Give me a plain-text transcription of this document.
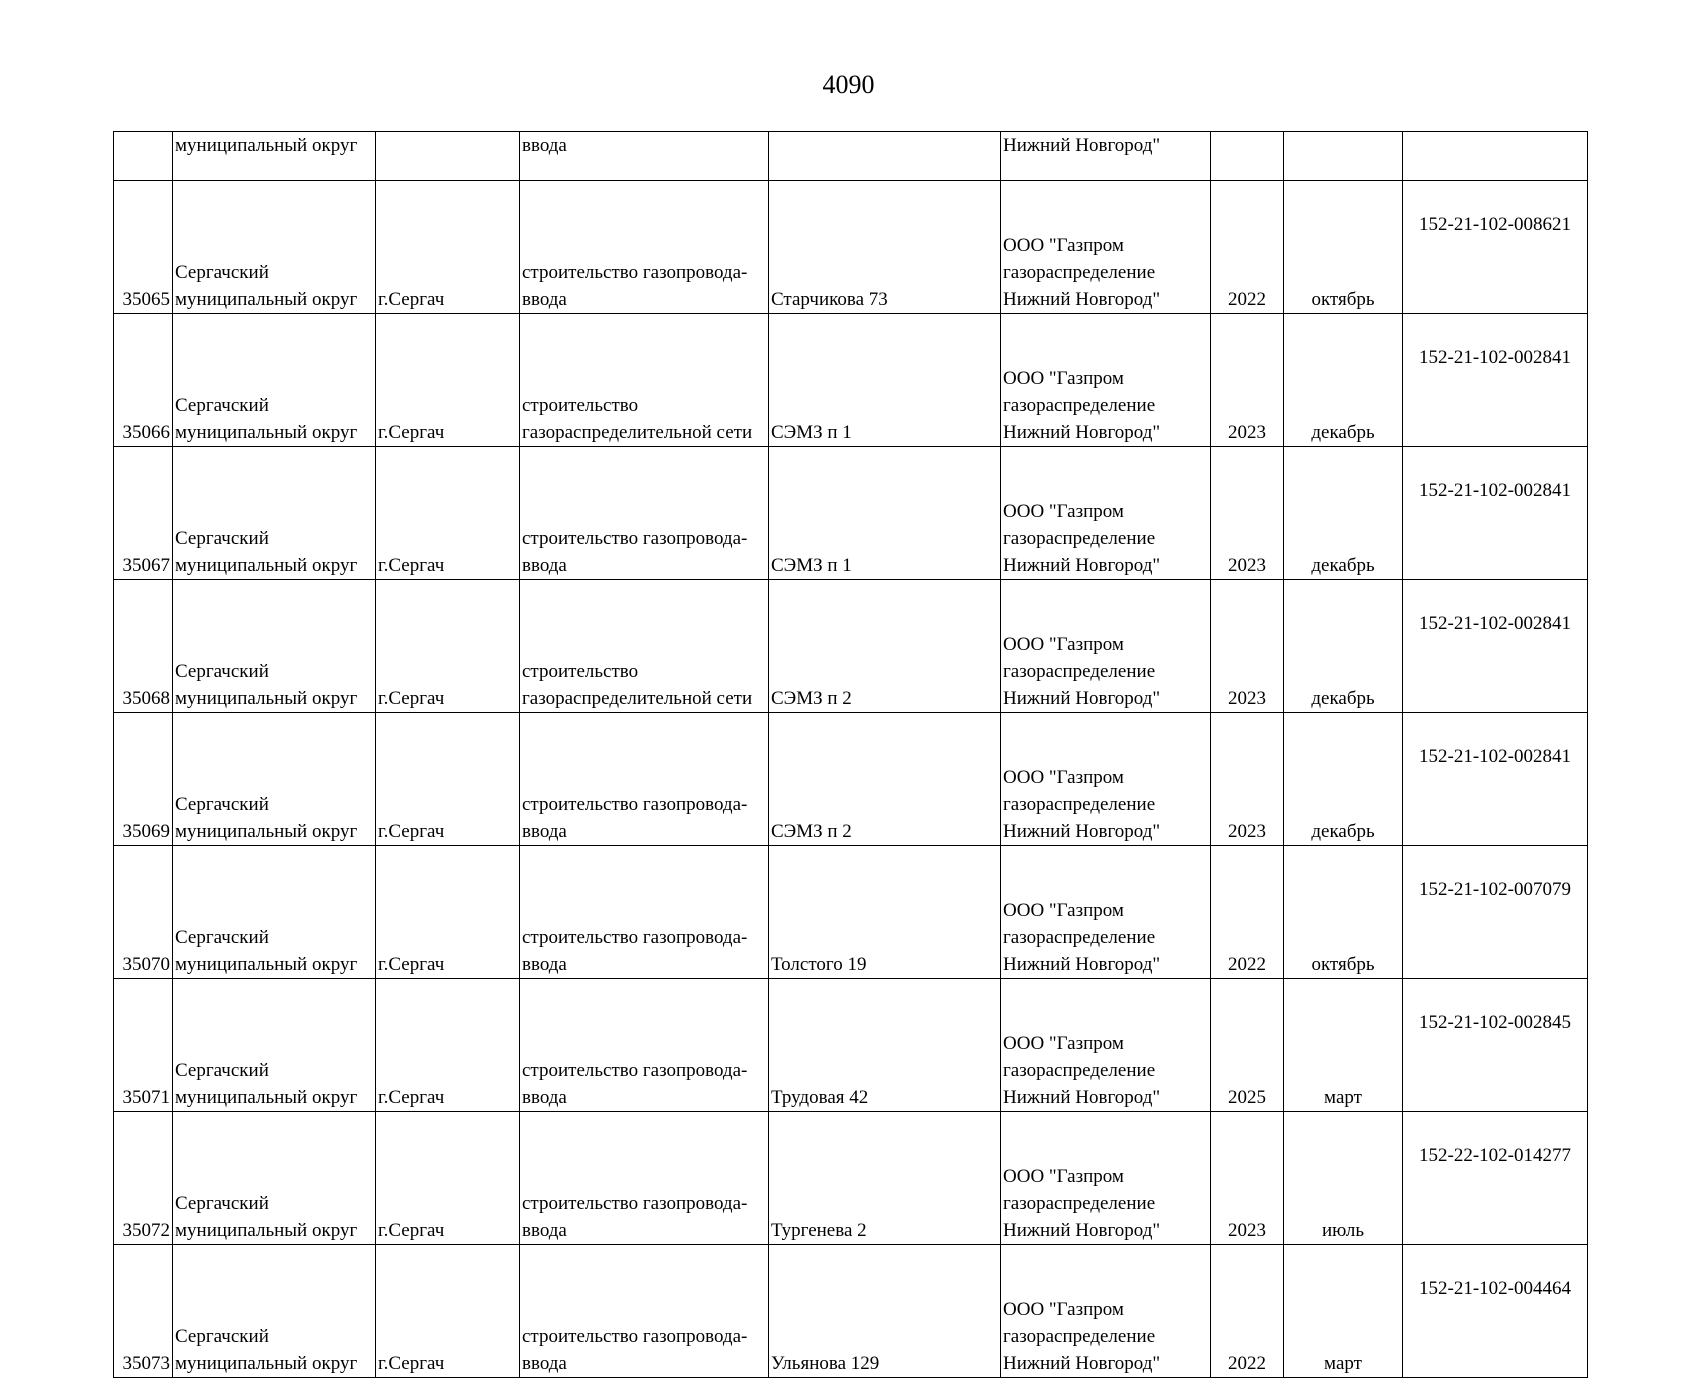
4090

	муниципальный округ		ввода		Нижний Новгород"			

35065	Сергачский
муниципальный округ	г.Сергач	строительство газопровода-
ввода	Старчикова 73	ООО "Газпром
газораспределение
Нижний Новгород"	2022	октябрь	152-21-102-008621

35066	Сергачский
муниципальный округ	г.Сергач	строительство
газораспределительной сети	СЭМЗ п 1	ООО "Газпром
газораспределение
Нижний Новгород"	2023	декабрь	152-21-102-002841

35067	Сергачский
муниципальный округ	г.Сергач	строительство газопровода-
ввода	СЭМЗ п 1	ООО "Газпром
газораспределение
Нижний Новгород"	2023	декабрь	152-21-102-002841

35068	Сергачский
муниципальный округ	г.Сергач	строительство
газораспределительной сети	СЭМЗ п 2	ООО "Газпром
газораспределение
Нижний Новгород"	2023	декабрь	152-21-102-002841

35069	Сергачский
муниципальный округ	г.Сергач	строительство газопровода-
ввода	СЭМЗ п 2	ООО "Газпром
газораспределение
Нижний Новгород"	2023	декабрь	152-21-102-002841

35070	Сергачский
муниципальный округ	г.Сергач	строительство газопровода-
ввода	Толстого 19	ООО "Газпром
газораспределение
Нижний Новгород"	2022	октябрь	152-21-102-007079

35071	Сергачский
муниципальный округ	г.Сергач	строительство газопровода-
ввода	Трудовая 42	ООО "Газпром
газораспределение
Нижний Новгород"	2025	март	152-21-102-002845

35072	Сергачский
муниципальный округ	г.Сергач	строительство газопровода-
ввода	Тургенева 2	ООО "Газпром
газораспределение
Нижний Новгород"	2023	июль	152-22-102-014277

35073	Сергачский
муниципальный округ	г.Сергач	строительство газопровода-
ввода	Ульянова 129	ООО "Газпром
газораспределение
Нижний Новгород"	2022	март	152-21-102-004464
